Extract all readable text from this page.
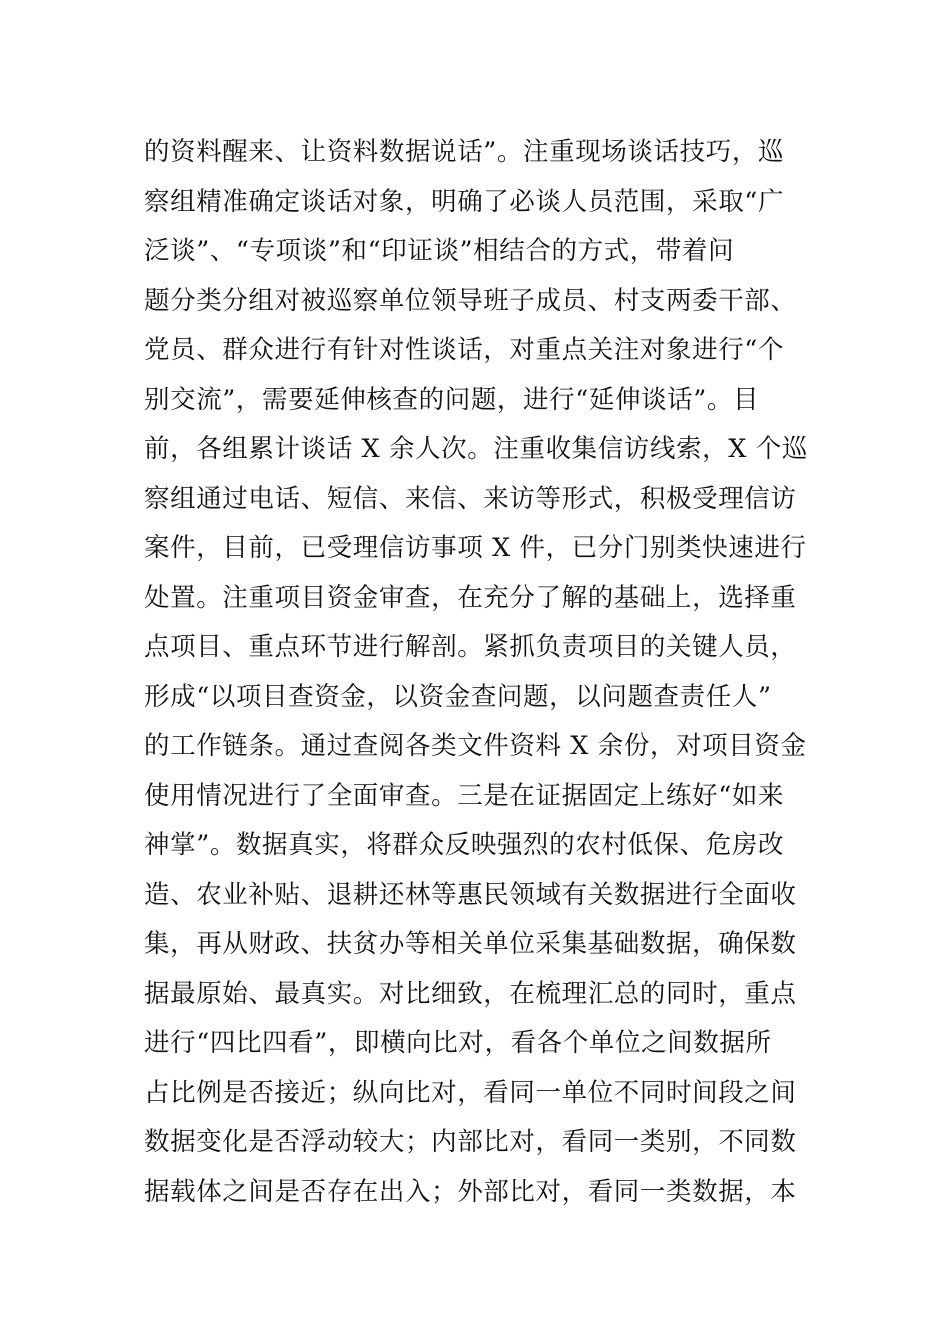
的资料醒来、让资料数据说话”。注重现场谈话技巧，巡
察组精准确定谈话对象，明确了必谈人员范围，采取“广
泛谈”、“专项谈”和“印证谈”相结合的方式，带着问
题分类分组对被巡察单位领导班子成员、村支两委干部、
党员、群众进行有针对性谈话，对重点关注对象进行“个
别交流”，需要延伸核查的问题，进行“延伸谈话”。目
前，各组累计谈话 X 余人次。注重收集信访线索，X 个巡
察组通过电话、短信、来信、来访等形式，积极受理信访
案件，目前，已受理信访事项 X 件，已分门别类快速进行
处置。注重项目资金审查，在充分了解的基础上，选择重
点项目、重点环节进行解剖。紧抓负责项目的关键人员，
形成“以项目查资金，以资金查问题，以问题查责任人”
的工作链条。通过查阅各类文件资料 X 余份，对项目资金
使用情况进行了全面审查。三是在证据固定上练好“如来
神掌”。数据真实，将群众反映强烈的农村低保、危房改
造、农业补贴、退耕还林等惠民领域有关数据进行全面收
集，再从财政、扶贫办等相关单位采集基础数据，确保数
据最原始、最真实。对比细致，在梳理汇总的同时，重点
进行“四比四看”，即横向比对，看各个单位之间数据所
占比例是否接近；纵向比对，看同一单位不同时间段之间
数据变化是否浮动较大；内部比对，看同一类别，不同数
据载体之间是否存在出入；外部比对，看同一类数据，本
